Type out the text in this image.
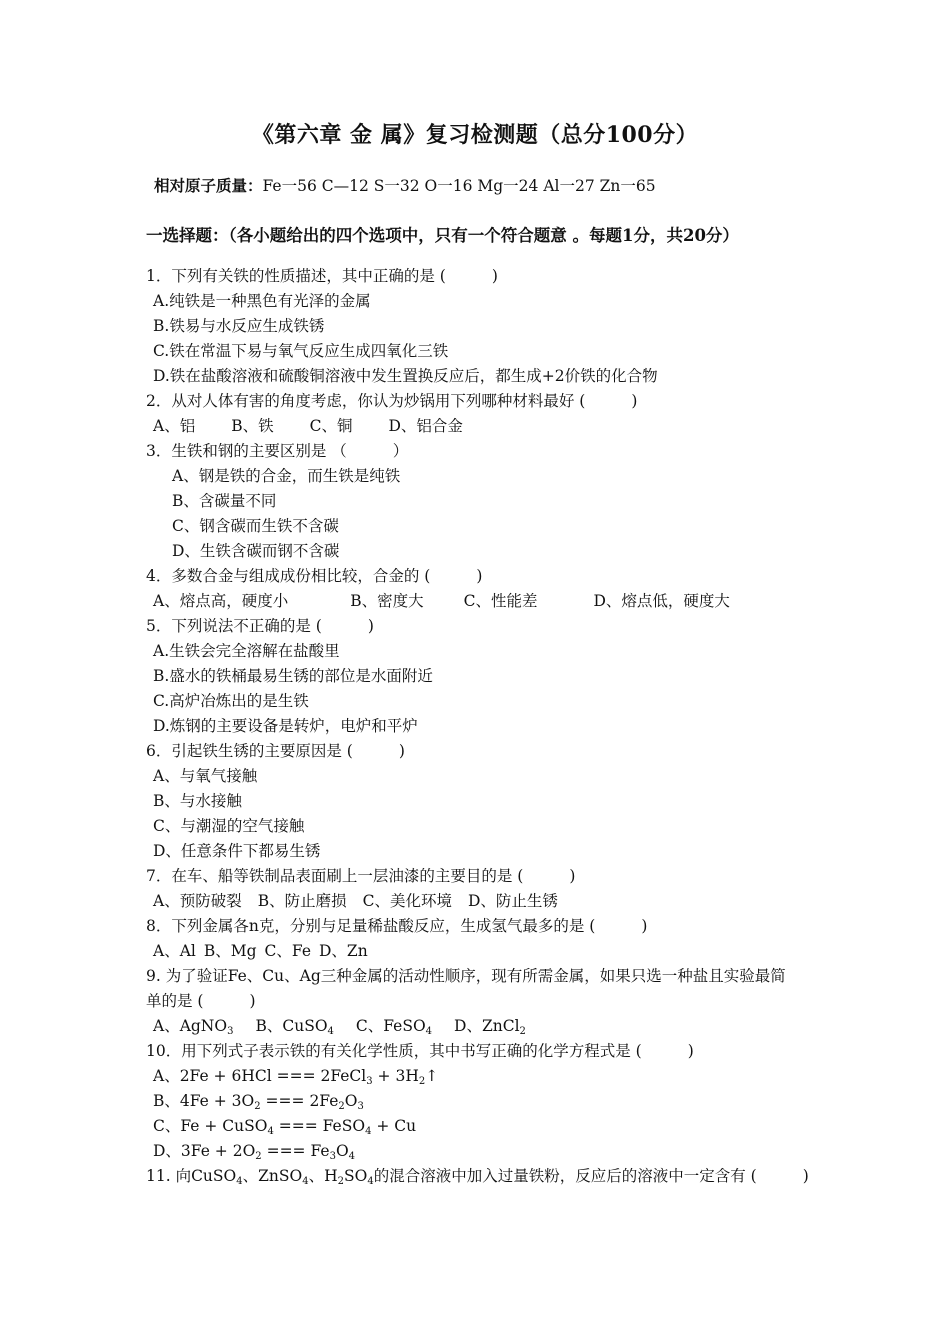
《第六章 金 属》复习检测题（总分100分）
相对原子质量：Fe一56 C—12 S一32 O一16 Mg一24 Al一27 Zn一65
一选择题：（各小题给出的四个选项中，只有一个符合题意 。每题1分，共20分）
1．下列有关铁的性质描述，其中正确的是 (	)
A.纯铁是一种黑色有光泽的金属
B.铁易与水反应生成铁锈
C.铁在常温下易与氧气反应生成四氧化三铁
D.铁在盐酸溶液和硫酸铜溶液中发生置换反应后，都生成+2价铁的化合物
2．从对人体有害的角度考虑，你认为炒锅用下列哪种材料最好 (	)
A、铝 B、铁 C、铜 D、铝合金
3．生铁和钢的主要区别是 （	）
A、钢是铁的合金，而生铁是纯铁
B、含碳量不同
C、钢含碳而生铁不含碳
D、生铁含碳而钢不含碳
4．多数合金与组成成份相比较，合金的 (	)
A、熔点高，硬度小	B、密度大	C、性能差	D、熔点低，硬度大
5．下列说法不正确的是 (	)
A.生铁会完全溶解在盐酸里
B.盛水的铁桶最易生锈的部位是水面附近
C.高炉冶炼出的是生铁
D.炼钢的主要设备是转炉，电炉和平炉
6．引起铁生锈的主要原因是 (	)
A、与氧气接触
B、与水接触
C、与潮湿的空气接触
D、任意条件下都易生锈
7．在车、船等铁制品表面刷上一层油漆的主要目的是 (	)
A、预防破裂 B、防止磨损 C、美化环境 D、防止生锈
8．下列金属各n克，分别与足量稀盐酸反应，生成氢气最多的是 (	)
A、Al B、Mg C、Fe D、Zn
9. 为了验证Fe、Cu、Ag三种金属的活动性顺序，现有所需金属，如果只选一种盐且实验最简
单的是 (	)
A、AgNO$_3$ B、CuSO$_4$ C、FeSO$_4$ D、ZnCl$_2$
10．用下列式子表示铁的有关化学性质，其中书写正确的化学方程式是 (	)
A、2Fe + 6HCl === 2FeCl$_3$ + $3H_2↑$
B、$4Fe + 3O_2$ === $2Fe_2O_3$
C、Fe + CuSO$_4$ === FeSO$_4$ + Cu
D、$3Fe + 2O_2$ === $Fe_3O_4$
11. 向CuSO$_4$、ZnSO$_4$、$H_2SO_4$的混合溶液中加入过量铁粉，反应后的溶液中一定含有 (	)
